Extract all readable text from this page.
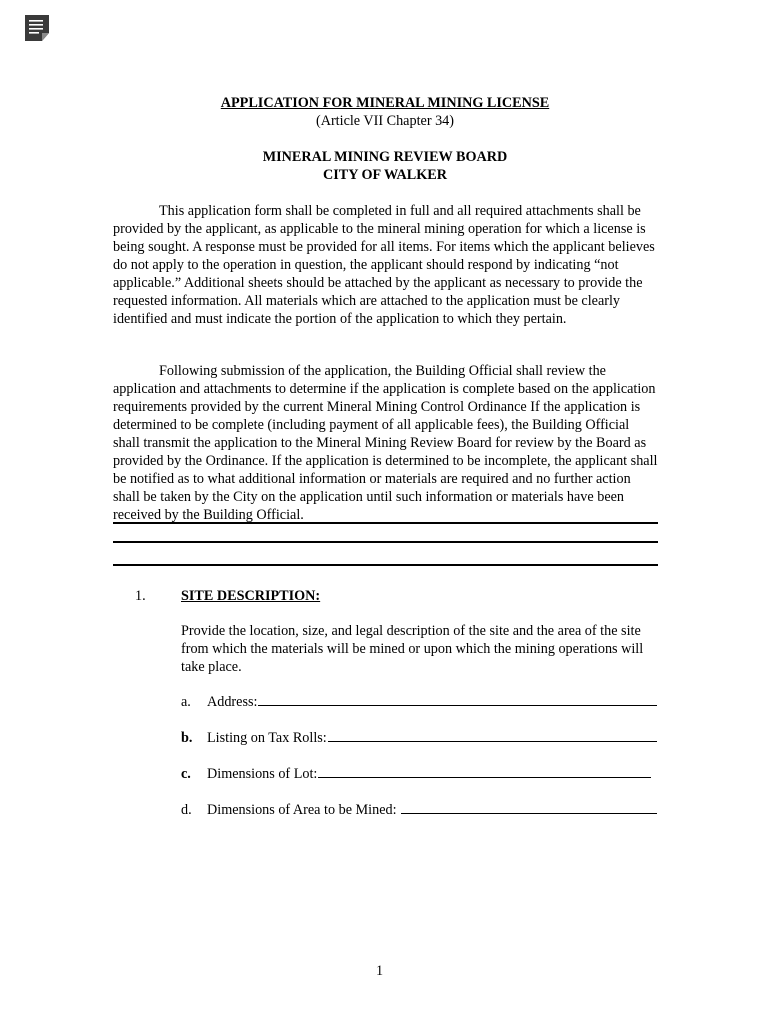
APPLICATION FOR MINERAL MINING LICENSE
(Article VII Chapter 34)
MINERAL MINING REVIEW BOARD
CITY OF WALKER

This application form shall be completed in full and all required attachments shall be provided by the applicant, as applicable to the mineral mining operation for which a license is being sought. A response must be provided for all items. For items which the applicant believes do not apply to the operation in question, the applicant should respond by indicating “not applicable.” Additional sheets should be attached by the applicant as necessary to provide the requested information. All materials which are attached to the application must be clearly identified and must indicate the portion of the application to which they pertain.

Following submission of the application, the Building Official shall review the application and attachments to determine if the application is complete based on the application requirements provided by the current Mineral Mining Control Ordinance If the application is determined to be complete (including payment of all applicable fees), the Building Official shall transmit the application to the Mineral Mining Review Board for review by the Board as provided by the Ordinance. If the application is determined to be incomplete, the applicant shall be notified as to what additional information or materials are required and no further action shall be taken by the City on the application until such information or materials have been received by the Building Official.

1. SITE DESCRIPTION:

Provide the location, size, and legal description of the site and the area of the site from which the materials will be mined or upon which the mining operations will take place.

a.	Address:
b.	Listing on Tax Rolls:
c.	Dimensions of Lot:
d.	Dimensions of Area to be Mined:
1
